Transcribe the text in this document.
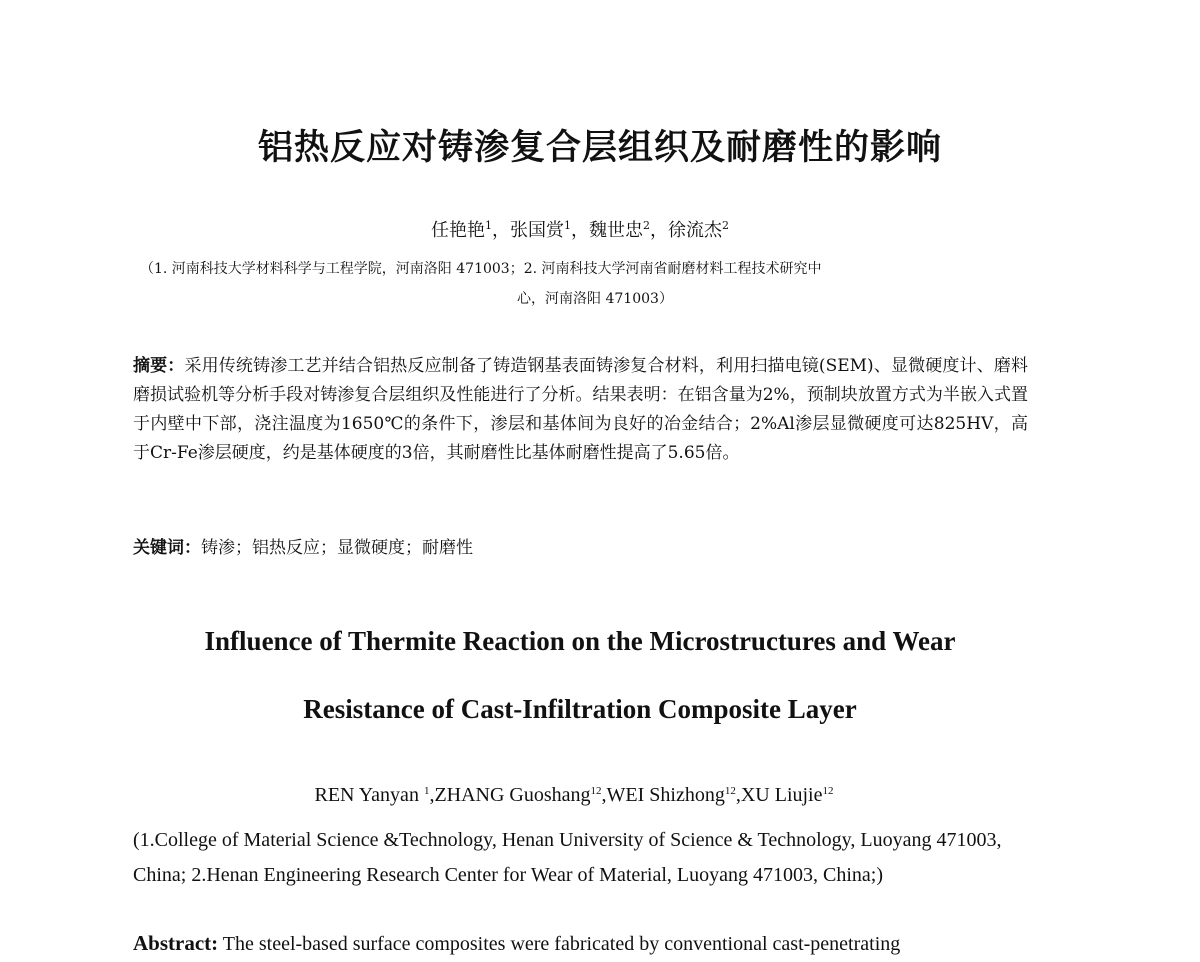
铝热反应对铸渗复合层组织及耐磨性的影响
任艳艳$^1$，张国赏$^1$，魏世忠$^2$，徐流杰$^2$
（1. 河南科技大学材料科学与工程学院，河南洛阳 471003；2. 河南科技大学河南省耐磨材料工程技术研究中
心，河南洛阳 471003）
摘要：采用传统铸渗工艺并结合铝热反应制备了铸造钢基表面铸渗复合材料，利用扫描电镜(SEM)、显微硬度计、磨料磨损试验机等分析手段对铸渗复合层组织及性能进行了分析。结果表明：在铝含量为2%，预制块放置方式为半嵌入式置于内壁中下部，浇注温度为1650℃的条件下，渗层和基体间为良好的冶金结合；2%Al渗层显微硬度可达825HV，高于Cr-Fe渗层硬度，约是基体硬度的3倍，其耐磨性比基体耐磨性提高了5.65倍。
关键词：铸渗；铝热反应；显微硬度；耐磨性
Influence of Thermite Reaction on the Microstructures and Wear
Resistance of Cast-Infiltration Composite Layer
REN Yanyan $^1$,ZHANG Guoshang$^{12}$,WEI Shizhong$^{12}$,XU Liujie$^{12}$
(1.College of Material Science &Technology, Henan University of Science & Technology, Luoyang 471003, China; 2.Henan Engineering Research Center for Wear of Material, Luoyang 471003, China;)
Abstract: The steel-based surface composites were fabricated by conventional cast-penetrating
